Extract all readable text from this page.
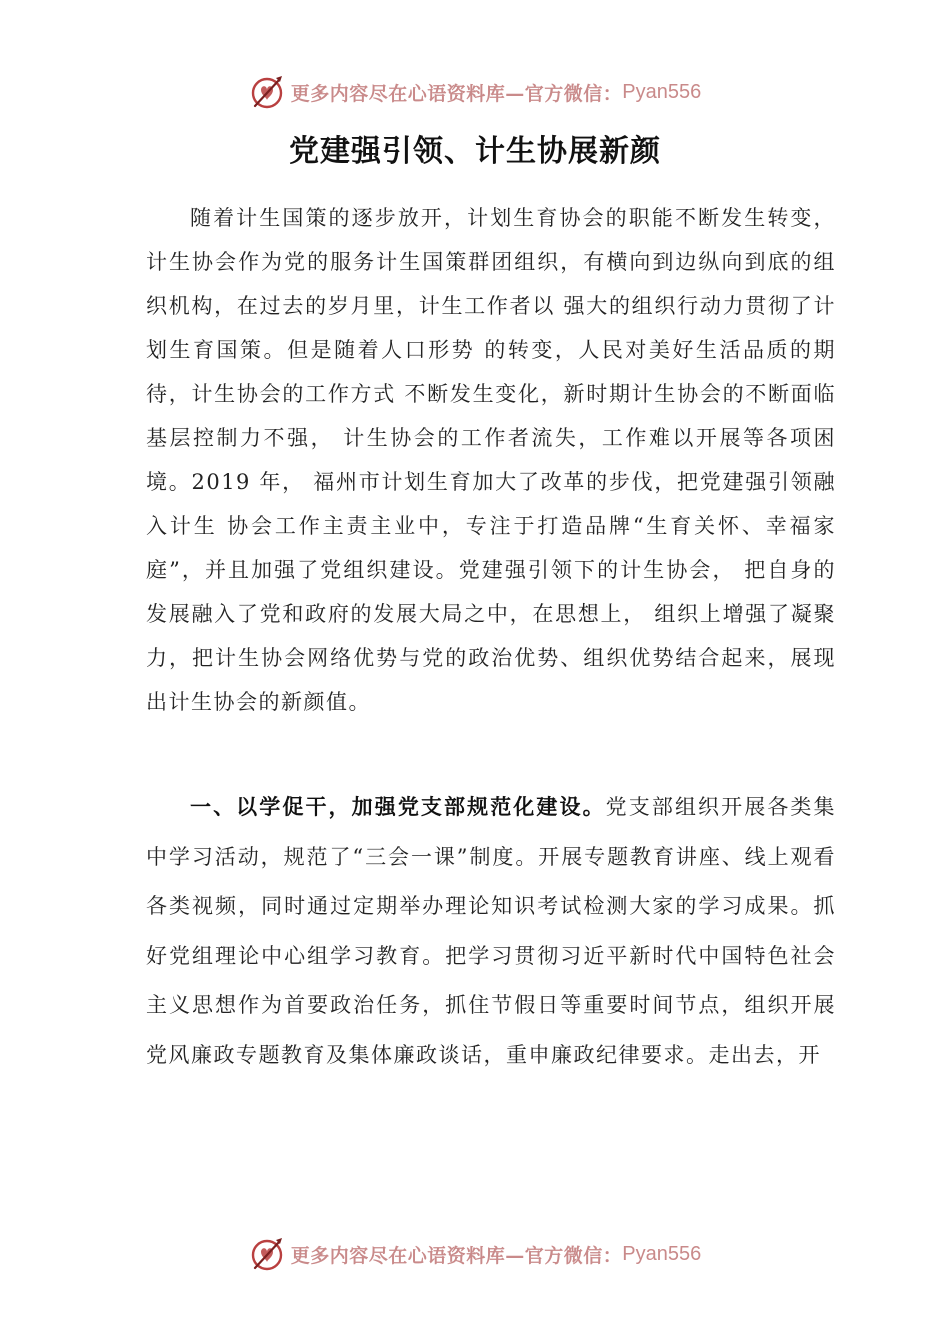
更多内容尽在心语资料库—官方微信： Pyan556
党建强引领、计生协展新颜

随着计生国策的逐步放开，计划生育协会的职能不断发生转变，计生协会作为党的服务计生国策群团组织，有横向到边纵向到底的组织机构，在过去的岁月里，计生工作者以 强大的组织行动力贯彻了计划生育国策。但是随着人口形势 的转变，人民对美好生活品质的期待，计生协会的工作方式 不断发生变化，新时期计生协会的不断面临基层控制力不强， 计生协会的工作者流失，工作难以开展等各项困境。2019 年， 福州市计划生育加大了改革的步伐，把党建强引领融入计生 协会工作主责主业中，专注于打造品牌“生育关怀、幸福家 庭”，并且加强了党组织建设。党建强引领下的计生协会， 把自身的发展融入了党和政府的发展大局之中，在思想上， 组织上增强了凝聚力，把计生协会网络优势与党的政治优势、组织优势结合起来，展现出计生协会的新颜值。

一、以学促干，加强党支部规范化建设。党支部组织开展各类集中学习活动，规范了“三会一课”制度。开展专题教育讲座、线上观看各类视频，同时通过定期举办理论知识考试检测大家的学习成果。抓好党组理论中心组学习教育。把学习贯彻习近平新时代中国特色社会主义思想作为首要政治任务，抓住节假日等重要时间节点，组织开展党风廉政专题教育及集体廉政谈话，重申廉政纪律要求。走出去，开

更多内容尽在心语资料库—官方微信： Pyan556
